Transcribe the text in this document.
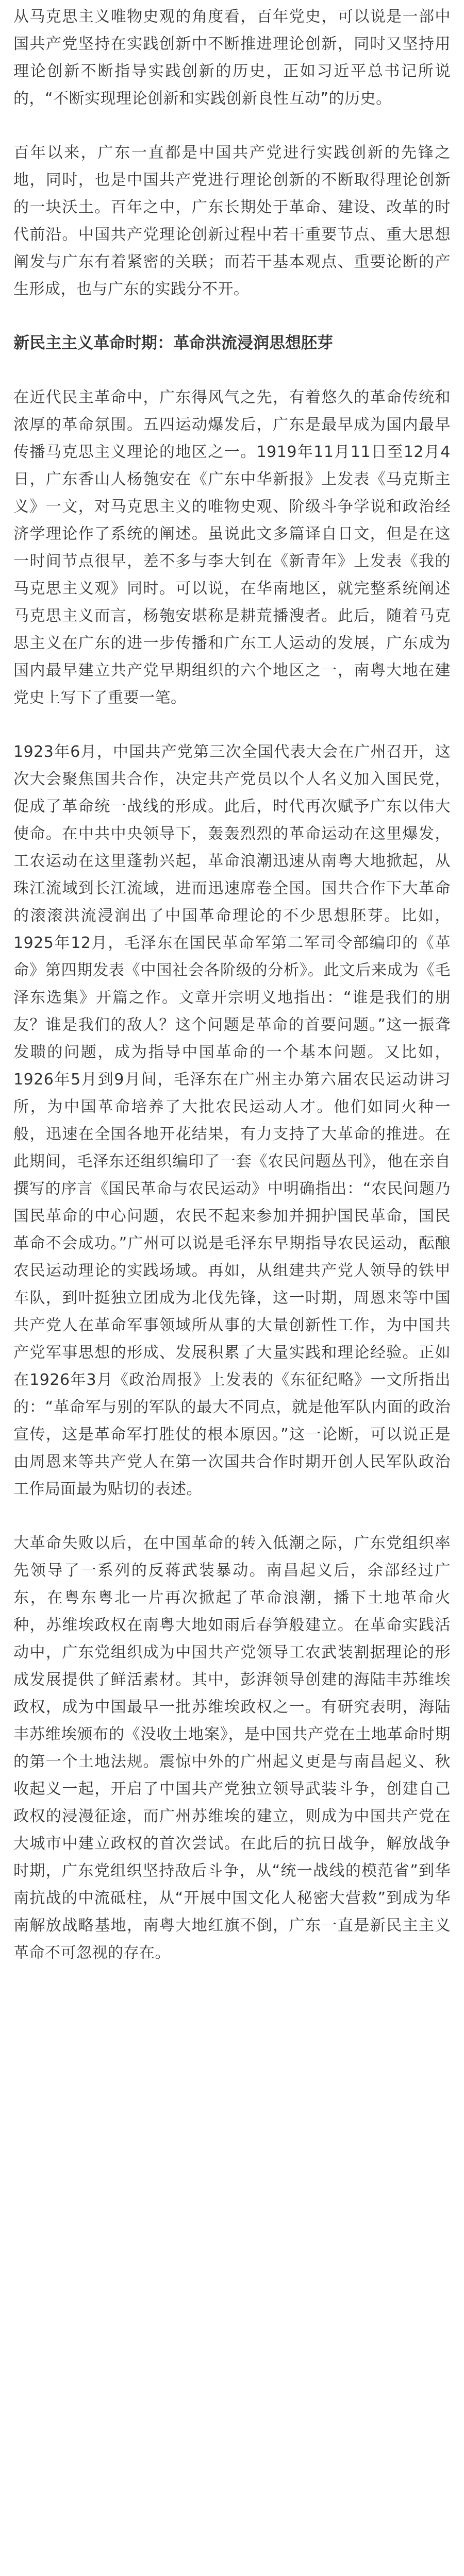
从马克思主义唯物史观的角度看，百年党史，可以说是一部中国共产党坚持在实践创新中不断推进理论创新，同时又坚持用理论创新不断指导实践创新的历史，正如习近平总书记所说的，“不断实现理论创新和实践创新良性互动”的历史。

百年以来，广东一直都是中国共产党进行实践创新的先锋之地，同时，也是中国共产党进行理论创新的不断取得理论创新的一块沃土。百年之中，广东长期处于革命、建设、改革的时代前沿。中国共产党理论创新过程中若干重要节点、重大思想阐发与广东有着紧密的关联；而若干基本观点、重要论断的产生形成，也与广东的实践分不开。

新民主主义革命时期：革命洪流浸润思想胚芽

在近代民主革命中，广东得风气之先，有着悠久的革命传统和浓厚的革命氛围。五四运动爆发后，广东是最早成为国内最早传播马克思主义理论的地区之一。1919年11月11日至12月4日，广东香山人杨匏安在《广东中华新报》上发表《马克斯主义》一文，对马克思主义的唯物史观、阶级斗争学说和政治经济学理论作了系统的阐述。虽说此文多篇译自日文，但是在这一时间节点很早，差不多与李大钊在《新青年》上发表《我的马克思主义观》同时。可以说，在华南地区，就完整系统阐述马克思主义而言，杨匏安堪称是耕荒播溲者。此后，随着马克思主义在广东的进一步传播和广东工人运动的发展，广东成为国内最早建立共产党早期组织的六个地区之一，南粤大地在建党史上写下了重要一笔。

1923年6月，中国共产党第三次全国代表大会在广州召开，这次大会聚焦国共合作，决定共产党员以个人名义加入国民党，促成了革命统一战线的形成。此后，时代再次赋予广东以伟大使命。在中共中央领导下，轰轰烈烈的革命运动在这里爆发，工农运动在这里蓬勃兴起，革命浪潮迅速从南粤大地掀起，从珠江流域到长江流域，进而迅速席卷全国。国共合作下大革命的滚滚洪流浸润出了中国革命理论的不少思想胚芽。比如，1925年12月，毛泽东在国民革命军第二军司令部编印的《革命》第四期发表《中国社会各阶级的分析》。此文后来成为《毛泽东选集》开篇之作。文章开宗明义地指出：“谁是我们的朋友？谁是我们的敌人？这个问题是革命的首要问题。”这一振聋发聩的问题，成为指导中国革命的一个基本问题。又比如，1926年5月到9月间，毛泽东在广州主办第六届农民运动讲习所，为中国革命培养了大批农民运动人才。他们如同火种一般，迅速在全国各地开花结果，有力支持了大革命的推进。在此期间，毛泽东还组织编印了一套《农民问题丛刊》，他在亲自撰写的序言《国民革命与农民运动》中明确指出：“农民问题乃国民革命的中心问题，农民不起来参加并拥护国民革命，国民革命不会成功。”广州可以说是毛泽东早期指导农民运动，酝酿农民运动理论的实践场域。再如，从组建共产党人领导的铁甲车队，到叶挺独立团成为北伐先锋，这一时期，周恩来等中国共产党人在革命军事领域所从事的大量创新性工作，为中国共产党军事思想的形成、发展积累了大量实践和理论经验。正如在1926年3月《政治周报》上发表的《东征纪略》一文所指出的：“革命军与别的军队的最大不同点，就是他军队内面的政治宣传，这是革命军打胜仗的根本原因。”这一论断，可以说正是由周恩来等共产党人在第一次国共合作时期开创人民军队政治工作局面最为贴切的表述。

大革命失败以后，在中国革命的转入低潮之际，广东党组织率先领导了一系列的反蒋武装暴动。南昌起义后，余部经过广东，在粤东粤北一片再次掀起了革命浪潮，播下土地革命火种，苏维埃政权在南粤大地如雨后春笋般建立。在革命实践活动中，广东党组织成为中国共产党领导工农武装割据理论的形成发展提供了鲜活素材。其中，彭湃领导创建的海陆丰苏维埃政权，成为中国最早一批苏维埃政权之一。有研究表明，海陆丰苏维埃颁布的《没收土地案》，是中国共产党在土地革命时期的第一个土地法规。震惊中外的广州起义更是与南昌起义、秋收起义一起，开启了中国共产党独立领导武装斗争，创建自己政权的浸漫征途，而广州苏维埃的建立，则成为中国共产党在大城市中建立政权的首次尝试。在此后的抗日战争，解放战争时期，广东党组织坚持敌后斗争，从“统一战线的模范省”到华南抗战的中流砥柱，从“开展中国文化人秘密大营救”到成为华南解放战略基地，南粤大地红旗不倒，广东一直是新民主主义革命不可忽视的存在。
